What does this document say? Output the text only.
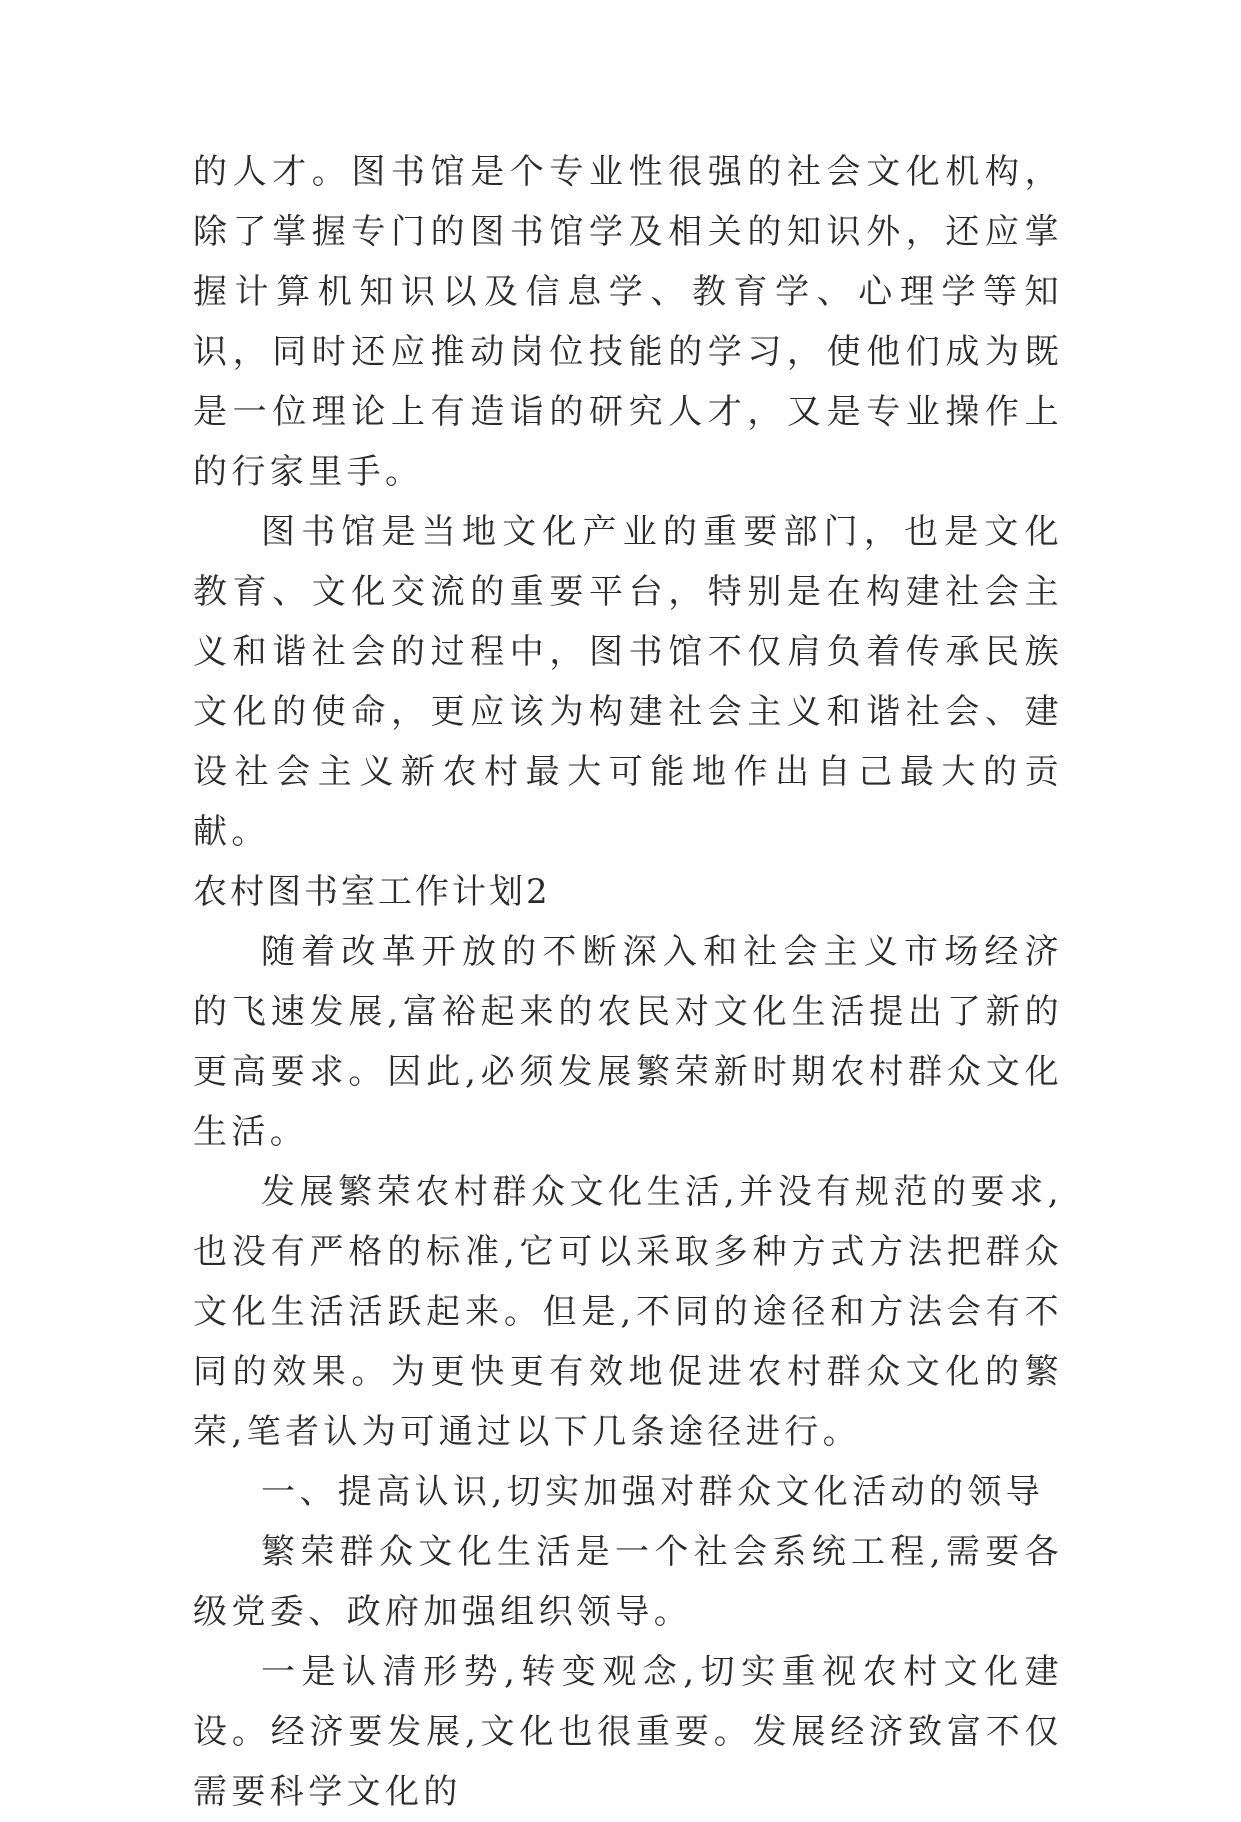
的人才。图书馆是个专业性很强的社会文化机构，除了掌握专门的图书馆学及相关的知识外，还应掌握计算机知识以及信息学、教育学、心理学等知识，同时还应推动岗位技能的学习，使他们成为既是一位理论上有造诣的研究人才，又是专业操作上的行家里手。

图书馆是当地文化产业的重要部门，也是文化教育、文化交流的重要平台，特别是在构建社会主义和谐社会的过程中，图书馆不仅肩负着传承民族文化的使命，更应该为构建社会主义和谐社会、建设社会主义新农村最大可能地作出自己最大的贡献。

农村图书室工作计划2

随着改革开放的不断深入和社会主义市场经济的飞速发展,富裕起来的农民对文化生活提出了新的更高要求。因此,必须发展繁荣新时期农村群众文化生活。

发展繁荣农村群众文化生活,并没有规范的要求,也没有严格的标准,它可以采取多种方式方法把群众文化生活活跃起来。但是,不同的途径和方法会有不同的效果。为更快更有效地促进农村群众文化的繁荣,笔者认为可通过以下几条途径进行。

一、提高认识,切实加强对群众文化活动的领导

繁荣群众文化生活是一个社会系统工程,需要各级党委、政府加强组织领导。

一是认清形势,转变观念,切实重视农村文化建设。经济要发展,文化也很重要。发展经济致富不仅需要科学文化的
